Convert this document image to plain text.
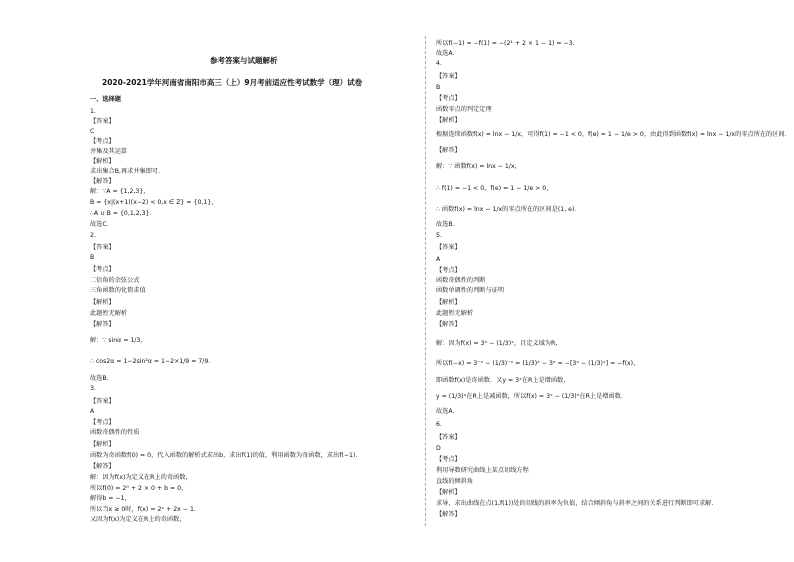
参考答案与试题解析
2020-2021学年河南省南阳市高三（上）9月考前适应性考试数学（理）试卷
一、选择题
1.
【答案】
C
【考点】
并集及其运算
【解析】
求出集合B,再求并集即可.
【解答】
解：∵A = {1,2,3}，
B = {x|(x+1)(x−2) < 0,x ∈ Z} = {0,1}，
∴A ∪ B = {0,1,2,3}．
故选C.
2.
【答案】
B
【考点】
二倍角的余弦公式
三角函数的化简求值
【解析】
此题暂无解析
【解答】
解：∵ sinα = 1/3，
∴ cos2α = 1−2sin²α = 1−2×1/9 = 7/9.
故选B.
3.
【答案】
A
【考点】
函数奇偶性的性质
【解析】
函数为奇函数f(0) = 0，代入函数的解析式求出b，求出f(1)的值，利用函数为奇函数，求出f(−1).
【解答】
解：因为f(x)为定义在R上的奇函数，
所以f(0) = 2⁰ + 2 × 0 + b = 0，
解得b = −1，
所以当x ≥ 0时，f(x) = 2ˣ + 2x − 1.
又因为f(x)为定义在R上的奇函数，
所以f(−1) = −f(1) = −(2¹ + 2 × 1 − 1) = −3.
故选A.
4.
【答案】
B
【考点】
函数零点的判定定理
【解析】
根据连续函数f(x) = lnx − 1/x，可得f(1) = −1 < 0，f(e) = 1 − 1/e > 0，由此得到函数f(x) = lnx − 1/x的零点所在的区间.
【解答】
解：∵ 函数f(x) = lnx − 1/x，
∴ f(1) = −1 < 0，f(e) = 1 − 1/e > 0，
∴ 函数f(x) = lnx − 1/x的零点所在的区间是(1, e)．
故选B.
5.
【答案】
A
【考点】
函数奇偶性的判断
函数单调性的判断与证明
【解析】
此题暂无解析
【解答】
解：因为f(x) = 3ˣ − (1/3)ˣ，且定义域为R，
所以f(−x) = 3⁻ˣ − (1/3)⁻ˣ = (1/3)ˣ − 3ˣ = −[3ˣ − (1/3)ˣ] = −f(x)，
即函数f(x)是奇函数．又y = 3ˣ在R上是增函数，
y = (1/3)ˣ在R上是减函数，所以f(x) = 3ˣ − (1/3)ˣ在R上是增函数．
故选A.
6.
【答案】
D
【考点】
利用导数研究曲线上某点切线方程
直线的倾斜角
【解析】
求导，求出曲线在点(1,f(1))处的切线的斜率为负值，结合倾斜角与斜率之间的关系进行判断即可求解.
【解答】
